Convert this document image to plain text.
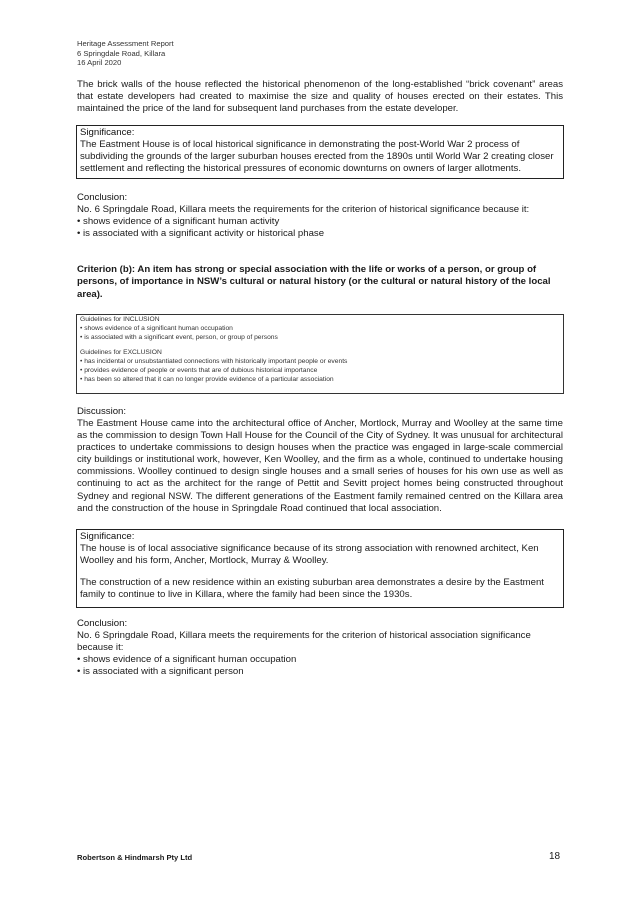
Heritage Assessment Report
6 Springdale Road, Killara
16 April 2020

The brick walls of the house reflected the historical phenomenon of the long-established “brick covenant” areas that estate developers had created to maximise the size and quality of houses erected on their estates. This maintained the price of the land for subsequent land purchases from the estate developer.

Significance:

The Eastment House is of local historical significance in demonstrating the post-World War 2 process of subdividing the grounds of the larger suburban houses erected from the 1890s until World War 2 creating closer settlement and reflecting the historical pressures of economic downturns on owners of larger allotments.

Conclusion:

No. 6 Springdale Road, Killara meets the requirements for the criterion of historical significance because it:

• shows evidence of a significant human activity
• is associated with a significant activity or historical phase

Criterion (b): An item has strong or special association with the life or works of a person, or group of persons, of importance in NSW’s cultural or natural history (or the cultural or natural history of the local area).

Guidelines for INCLUSION

• shows evidence of a significant human occupation
• is associated with a significant event, person, or group of persons

Guidelines for EXCLUSION

• has incidental or unsubstantiated connections with historically important people or events
• provides evidence of people or events that are of dubious historical importance
• has been so altered that it can no longer provide evidence of a particular association

Discussion:

The Eastment House came into the architectural office of Ancher, Mortlock, Murray and Woolley at the same time as the commission to design Town Hall House for the Council of the City of Sydney. It was unusual for architectural practices to undertake commissions to design houses when the practice was engaged in large-scale commercial city buildings or institutional work, however, Ken Woolley, and the firm as a whole, continued to undertake housing commissions. Woolley continued to design single houses and a small series of houses for his own use as well as continuing to act as the architect for the range of Pettit and Sevitt project homes being constructed throughout Sydney and regional NSW. The different generations of the Eastment family remained centred on the Killara area and the construction of the house in Springdale Road continued that local association.

Significance:

The house is of local associative significance because of its strong association with renowned architect, Ken Woolley and his form, Ancher, Mortlock, Murray & Woolley.

The construction of a new residence within an existing suburban area demonstrates a desire by the Eastment family to continue to live in Killara, where the family had been since the 1930s.

Conclusion:

No. 6 Springdale Road, Killara meets the requirements for the criterion of historical association significance because it:

• shows evidence of a significant human occupation
• is associated with a significant person
Robertson & Hindmarsh Pty Ltd	18
